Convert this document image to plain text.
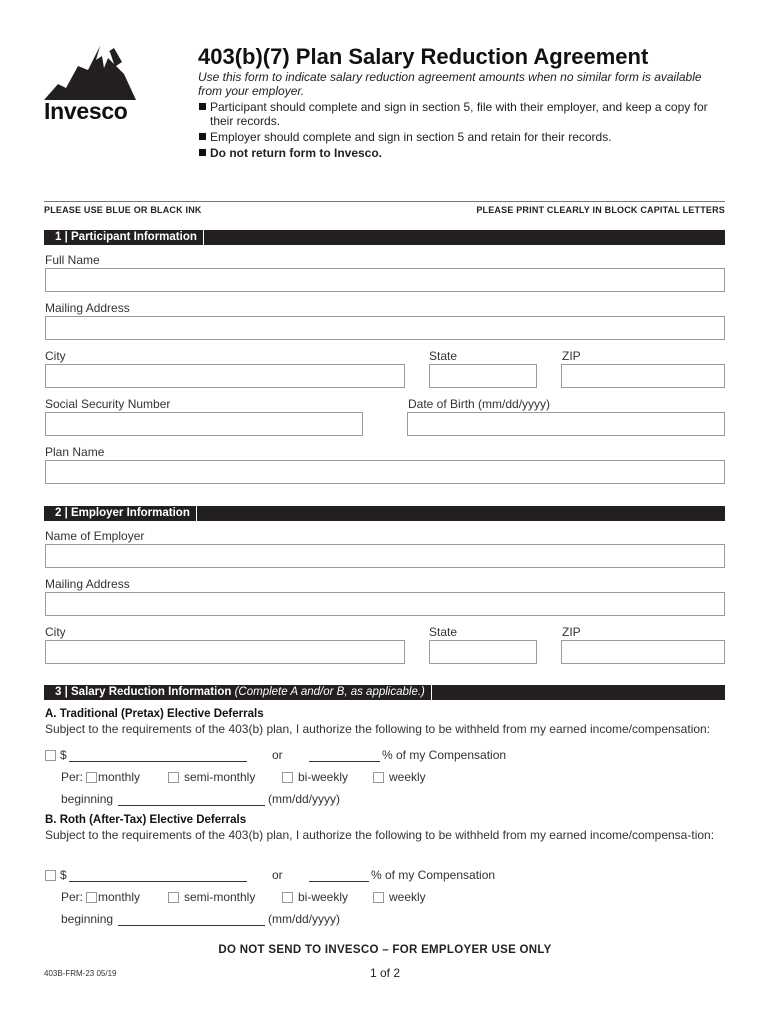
Invesco
403(b)(7) Plan Salary Reduction Agreement
Use this form to indicate salary reduction agreement amounts when no similar form is available from your employer.
Participant should complete and sign in section 5, file with their employer, and keep a copy for their records.
Employer should complete and sign in section 5 and retain for their records.
Do not return form to Invesco.
PLEASE USE BLUE OR BLACK INK	PLEASE PRINT CLEARLY IN BLOCK CAPITAL LETTERS
1 | Participant Information
Full Name
Mailing Address
City	State	ZIP
Social Security Number	Date of Birth (mm/dd/yyyy)
Plan Name
2 | Employer Information
Name of Employer
Mailing Address
City	State	ZIP
3 | Salary Reduction Information (Complete A and/or B, as applicable.)
A. Traditional (Pretax) Elective Deferrals
Subject to the requirements of the 403(b) plan, I authorize the following to be withheld from my earned income/compensation:
$	or	% of my Compensation
Per: monthly	semi-monthly	bi-weekly	weekly
beginning	(mm/dd/yyyy)
B. Roth (After-Tax) Elective Deferrals
Subject to the requirements of the 403(b) plan, I authorize the following to be withheld from my earned income/compensa-tion:
$	or	% of my Compensation
Per: monthly	semi-monthly	bi-weekly	weekly
beginning	(mm/dd/yyyy)
DO NOT SEND TO INVESCO – FOR EMPLOYER USE ONLY
403B-FRM-23 05/19	1 of 2
